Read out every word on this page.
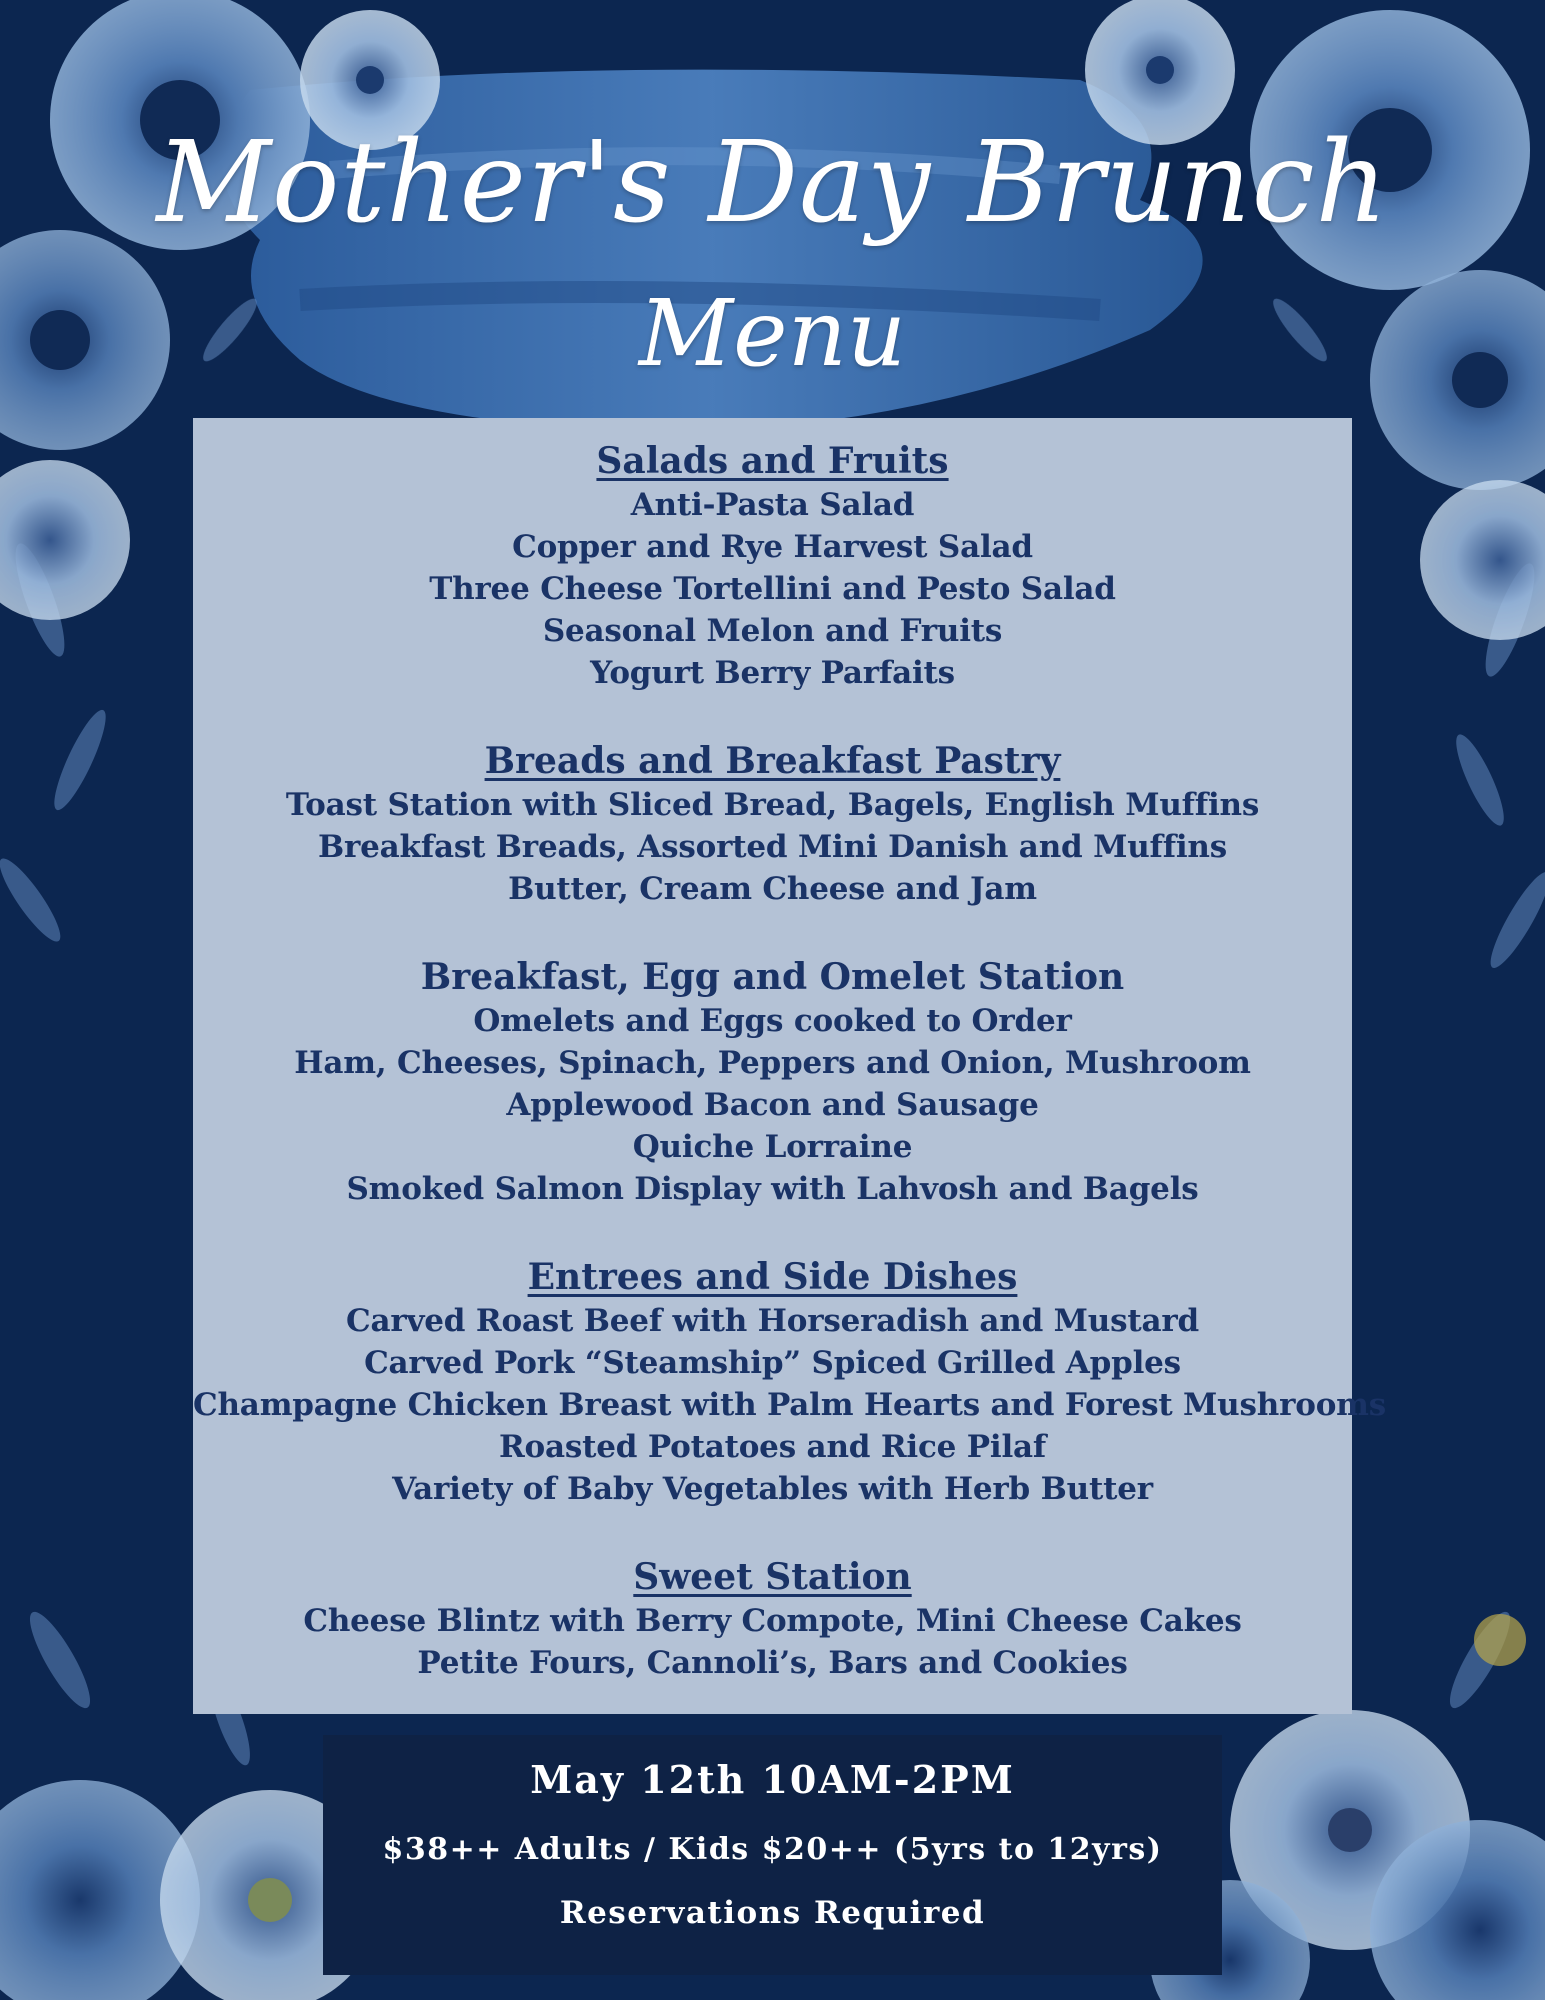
Mother's Day Brunch
Menu

Salads and Fruits

Anti-Pasta Salad

Copper and Rye Harvest Salad

Three Cheese Tortellini and Pesto Salad

Seasonal Melon and Fruits

Yogurt Berry Parfaits

Breads and Breakfast Pastry

Toast Station with Sliced Bread, Bagels, English Muffins

Breakfast Breads, Assorted Mini Danish and Muffins

Butter, Cream Cheese and Jam

Breakfast, Egg and Omelet Station

Omelets and Eggs cooked to Order

Ham, Cheeses, Spinach, Peppers and Onion, Mushroom

Applewood Bacon and Sausage

Quiche Lorraine

Smoked Salmon Display with Lahvosh and Bagels

Entrees and Side Dishes

Carved Roast Beef with Horseradish and Mustard

Carved Pork “Steamship” Spiced Grilled Apples

Champagne Chicken Breast with Palm Hearts and Forest Mushrooms

Roasted Potatoes and Rice Pilaf

Variety of Baby Vegetables with Herb Butter

Sweet Station

Cheese Blintz with Berry Compote, Mini Cheese Cakes

Petite Fours, Cannoli’s, Bars and Cookies

May 12th 10AM-2PM
$38++ Adults / Kids $20++ (5yrs to 12yrs)
Reservations Required
